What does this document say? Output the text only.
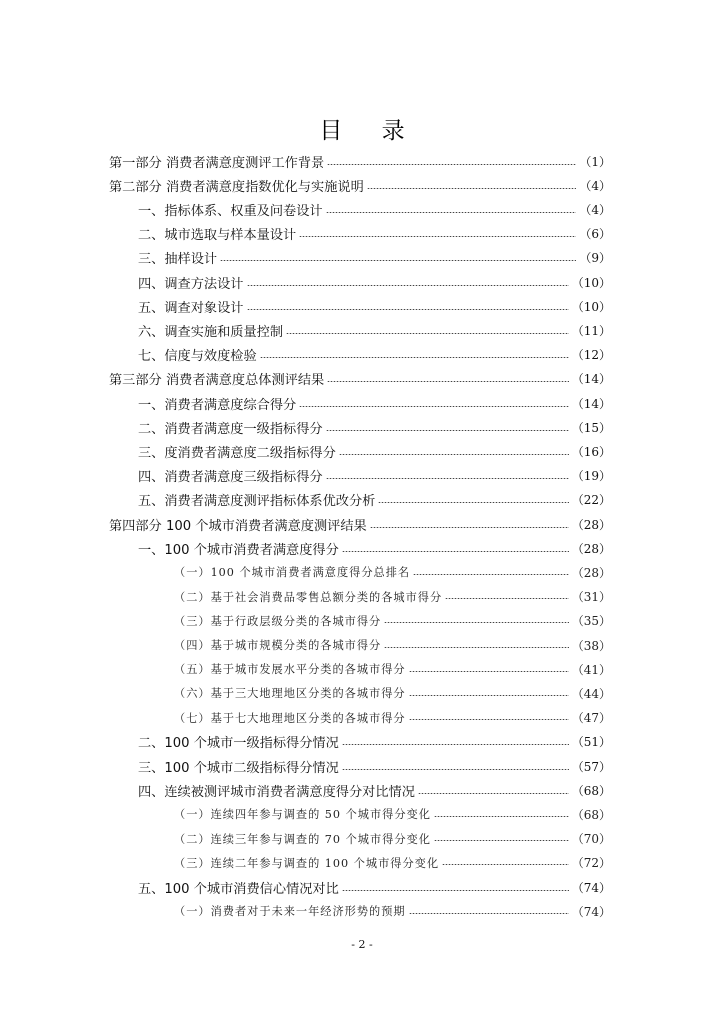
目 录
第一部分 消费者满意度测评工作背景	（1）
第二部分 消费者满意度指数优化与实施说明	（4）
一、指标体系、权重及问卷设计	（4）
二、城市选取与样本量设计	（6）
三、抽样设计	（9）
四、调查方法设计	（10）
五、调查对象设计	（10）
六、调查实施和质量控制	（11）
七、信度与效度检验	（12）
第三部分 消费者满意度总体测评结果	（14）
一、消费者满意度综合得分	（14）
二、消费者满意度一级指标得分	（15）
三、度消费者满意度二级指标得分	（16）
四、消费者满意度三级指标得分	（19）
五、消费者满意度测评指标体系优改分析	（22）
第四部分 100 个城市消费者满意度测评结果	（28）
一、100 个城市消费者满意度得分	（28）
（一）100 个城市消费者满意度得分总排名	（28）
（二）基于社会消费品零售总额分类的各城市得分	（31）
（三）基于行政层级分类的各城市得分	（35）
（四）基于城市规模分类的各城市得分	（38）
（五）基于城市发展水平分类的各城市得分	（41）
（六）基于三大地理地区分类的各城市得分	（44）
（七）基于七大地理地区分类的各城市得分	（47）
二、100 个城市一级指标得分情况	（51）
三、100 个城市二级指标得分情况	（57）
四、连续被测评城市消费者满意度得分对比情况	（68）
（一）连续四年参与调查的 50 个城市得分变化	（68）
（二）连续三年参与调查的 70 个城市得分变化	（70）
（三）连续二年参与调查的 100 个城市得分变化	（72）
五、100 个城市消费信心情况对比	（74）
（一）消费者对于未来一年经济形势的预期	（74）
- 2 -
